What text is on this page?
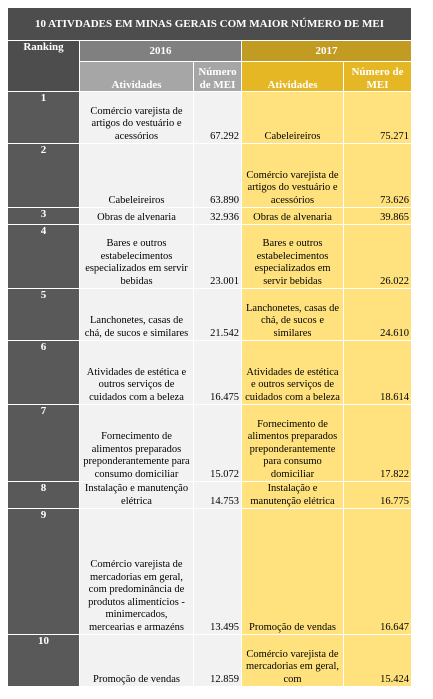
10 ATIVDADES EM MINAS GERAIS COM MAIOR NÚMERO DE MEI				
Ranking	2016		2017	
	Atividades	Número de MEI	Atividades	Número de MEI
1	Comércio varejista de artigos do vestuário e acessórios	67.292	Cabeleireiros	75.271
2	Cabeleireiros	63.890	Comércio varejista de artigos do vestuário e acessórios	73.626
3	Obras de alvenaria	32.936	Obras de alvenaria	39.865
4	Bares e outros estabelecimentos especializados em servir bebidas	23.001	Bares e outros estabelecimentos especializados em servir bebidas	26.022
5	Lanchonetes, casas de chá, de sucos e similares	21.542	Lanchonetes, casas de chá, de sucos e similares	24.610
6	Atividades de estética e outros serviços de cuidados com a beleza	16.475	Atividades de estética e outros serviços de cuidados com a beleza	18.614
7	Fornecimento de alimentos preparados preponderantemente para consumo domiciliar	15.072	Fornecimento de alimentos preparados preponderantemente para consumo domiciliar	17.822
8	Instalação e manutenção elétrica	14.753	Instalação e manutenção elétrica	16.775
9	Comércio varejista de mercadorias em geral, com predominância de produtos alimentícios - minimercados, mercearias e armazéns	13.495	Promoção de vendas	16.647
10	Promoção de vendas	12.859	Comércio varejista de mercadorias em geral, com	15.424
